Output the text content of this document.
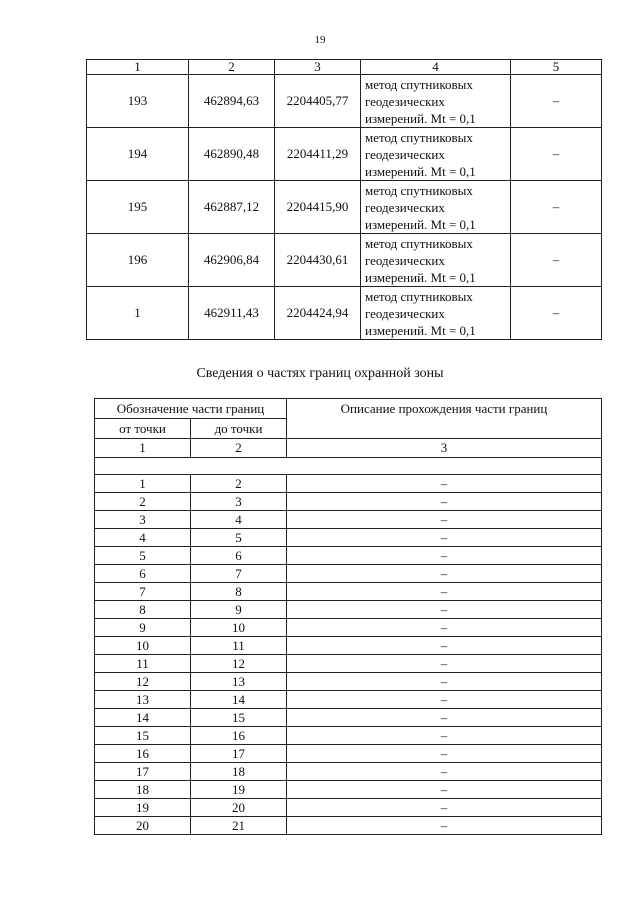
19
1	2	3	4	5
193	462894,63	2204405,77	метод спутниковых геодезических измерений. Mt = 0,1	–
194	462890,48	2204411,29	метод спутниковых геодезических измерений. Mt = 0,1	–
195	462887,12	2204415,90	метод спутниковых геодезических измерений. Mt = 0,1	–
196	462906,84	2204430,61	метод спутниковых геодезических измерений. Mt = 0,1	–
1	462911,43	2204424,94	метод спутниковых геодезических измерений. Mt = 0,1	–
Сведения о частях границ охранной зоны
Обозначение части границ		Описание прохождения части границ
от точки	до точки	
1	2	3

1	2	–
2	3	–
3	4	–
4	5	–
5	6	–
6	7	–
7	8	–
8	9	–
9	10	–
10	11	–
11	12	–
12	13	–
13	14	–
14	15	–
15	16	–
16	17	–
17	18	–
18	19	–
19	20	–
20	21	–
